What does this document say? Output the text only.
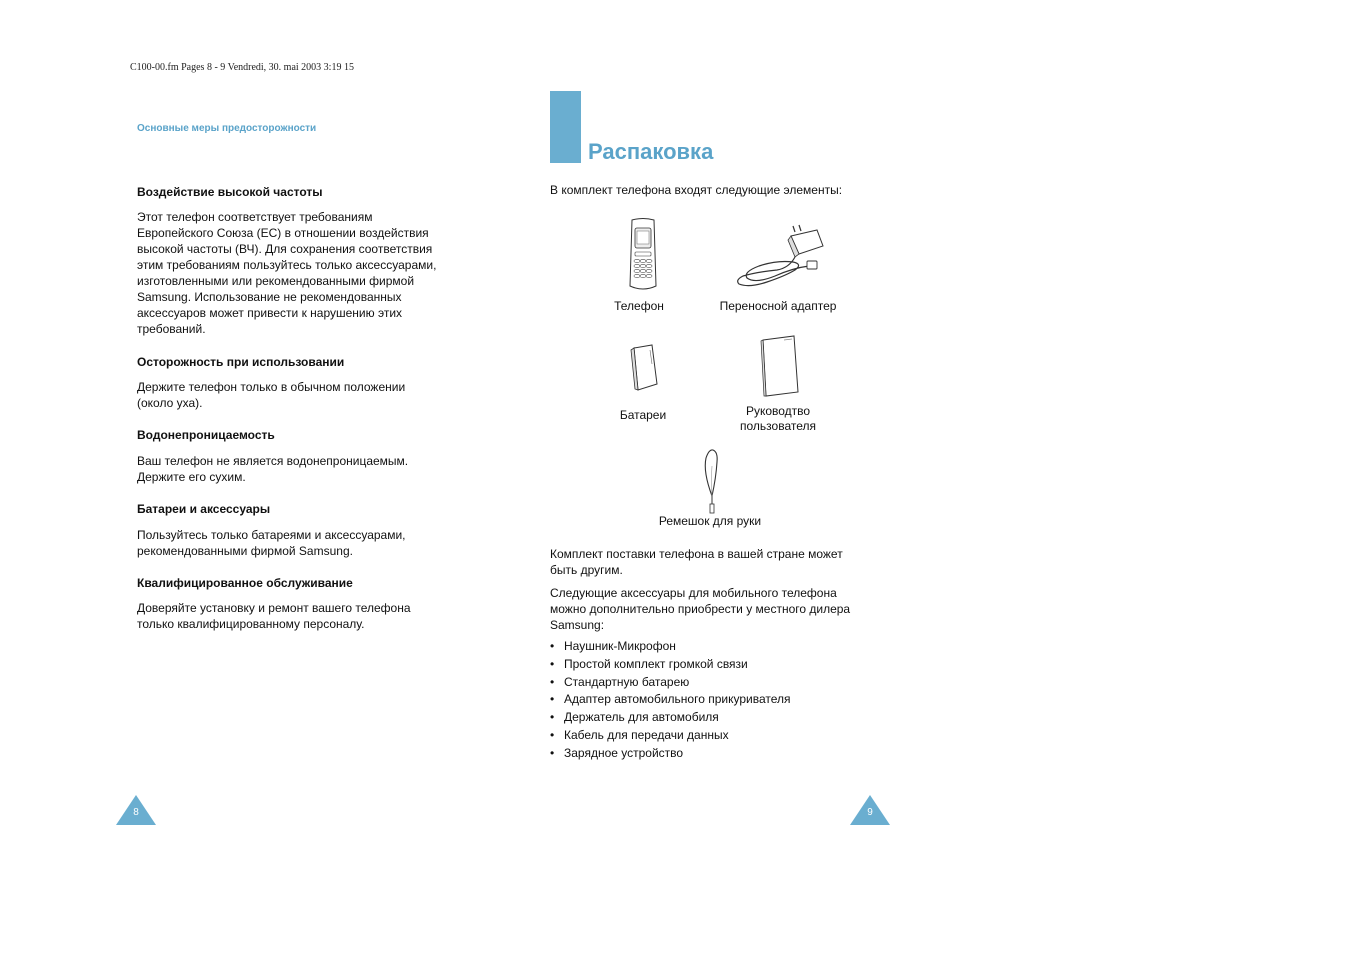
C100-00.fm Pages 8 - 9 Vendredi, 30. mai 2003 3:19 15
Основные меры предосторожности
Воздействие высокой частоты

Этот телефон соответствует требованиям
Европейского Союза (ЕС) в отношении воздействия
высокой частоты (ВЧ). Для сохранения соответствия
этим требованиям пользуйтесь только аксессуарами,
изготовленными или рекомендованными фирмой
Samsung. Использование не рекомендованных
аксессуаров может привести к нарушению этих
требований.

Осторожность при использовании

Держите телефон только в обычном положении
(около уха).

Водонепроницаемость

Ваш телефон не является водонепроницаемым.
Держите его сухим.

Батареи и аксессуары

Пользуйтесь только батареями и аксессуарами,
рекомендованными фирмой Samsung.

Квалифицированное обслуживание

Доверяйте установку и ремонт вашего телефона
только квалифицированному персоналу.

8
Распаковка
В комплект телефона входят следующие элементы:
Телефон	Переносной адаптер
Батареи	Руководтво
пользователя
Ремешок для руки
Комплект поставки телефона в вашей стране может
быть другим.
Следующие аксессуары для мобильного телефона
можно дополнительно приобрести у местного дилера
Samsung:
• Наушник-Микрофон
• Простой комплект громкой связи
• Стандартную батарею
• Адаптер автомобильного прикуривателя
• Держатель для автомобиля
• Кабель для передачи данных
• Зарядное устройство
9
